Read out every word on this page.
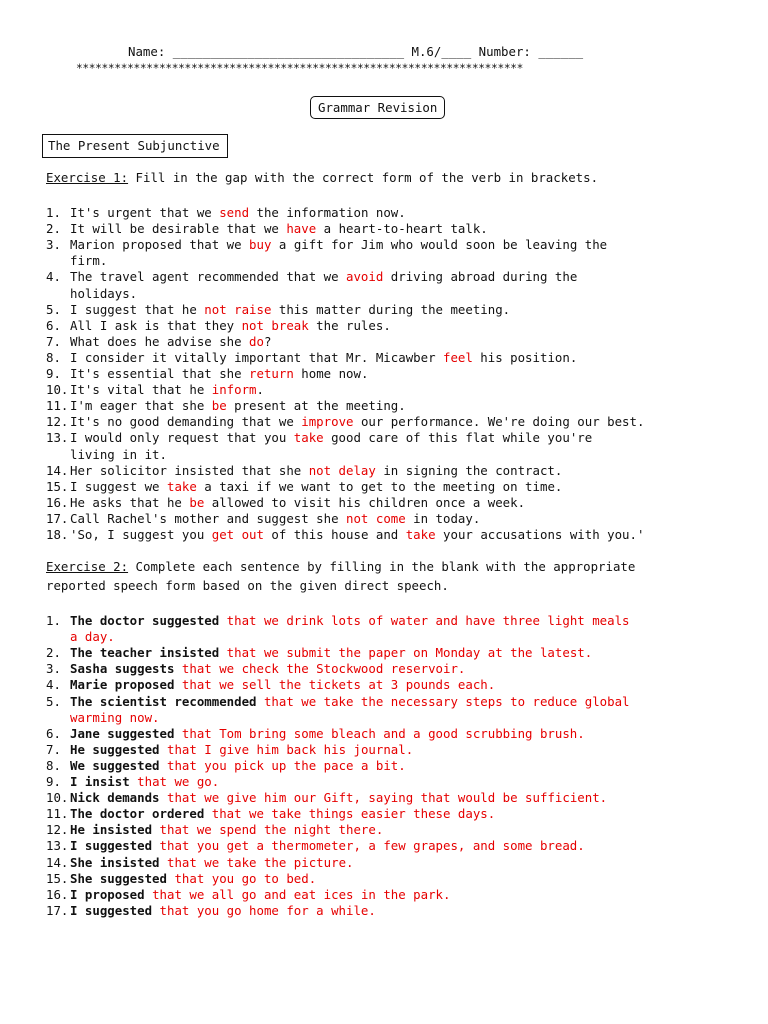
Name: _______________________________ M.6/____ Number: ______
**********************************************************************
Grammar Revision
The Present Subjunctive
Exercise 1: Fill in the gap with the correct form of the verb in brackets.
1. It's urgent that we send the information now.
2. It will be desirable that we have a heart-to-heart talk.
3. Marion proposed that we buy a gift for Jim who would soon be leaving the
firm.
4. The travel agent recommended that we avoid driving abroad during the
holidays.
5. I suggest that he not raise this matter during the meeting.
6. All I ask is that they not break the rules.
7. What does he advise she do?
8. I consider it vitally important that Mr. Micawber feel his position.
9. It's essential that she return home now.
10. It's vital that he inform.
11. I'm eager that she be present at the meeting.
12. It's no good demanding that we improve our performance. We're doing our best.
13. I would only request that you take good care of this flat while you're
living in it.
14. Her solicitor insisted that she not delay in signing the contract.
15. I suggest we take a taxi if we want to get to the meeting on time.
16. He asks that he be allowed to visit his children once a week.
17. Call Rachel's mother and suggest she not come in today.
18. 'So, I suggest you get out of this house and take your accusations with you.'
Exercise 2: Complete each sentence by filling in the blank with the appropriate
reported speech form based on the given direct speech.
1. The doctor suggested that we drink lots of water and have three light meals
a day.
2. The teacher insisted that we submit the paper on Monday at the latest.
3. Sasha suggests that we check the Stockwood reservoir.
4. Marie proposed that we sell the tickets at 3 pounds each.
5. The scientist recommended that we take the necessary steps to reduce global
warming now.
6. Jane suggested that Tom bring some bleach and a good scrubbing brush.
7. He suggested that I give him back his journal.
8. We suggested that you pick up the pace a bit.
9. I insist that we go.
10. Nick demands that we give him our Gift, saying that would be sufficient.
11. The doctor ordered that we take things easier these days.
12. He insisted that we spend the night there.
13. I suggested that you get a thermometer, a few grapes, and some bread.
14. She insisted that we take the picture.
15. She suggested that you go to bed.
16. I proposed that we all go and eat ices in the park.
17. I suggested that you go home for a while.
